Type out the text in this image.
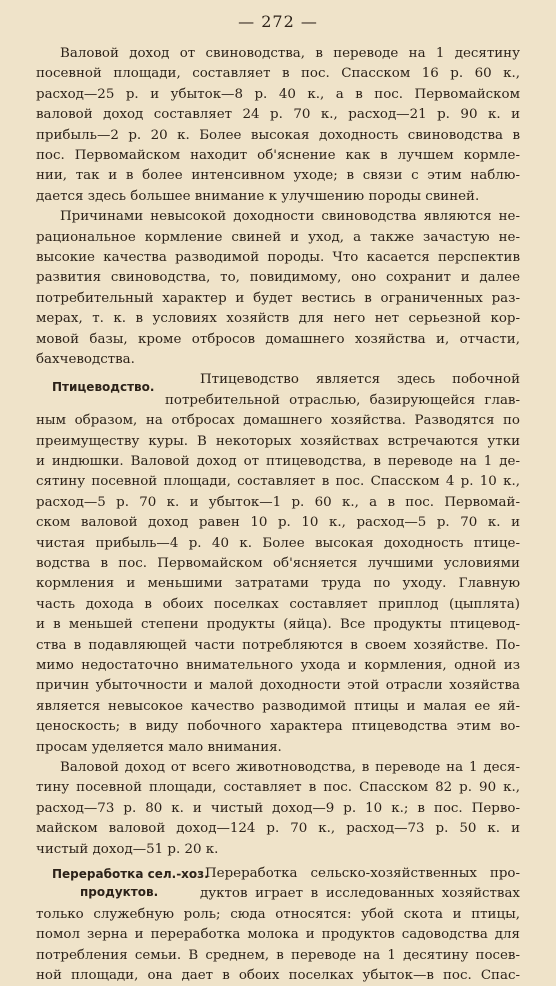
— 272 —
Валовой доход от свиноводства, в переводе на 1 десятину
посевной площади, составляет в пос. Спасском 16 р. 60 к.,
расход—25 р. и убыток—8 р. 40 к., а в пос. Первомайском
валовой доход составляет 24 р. 70 к., расход—21 р. 90 к. и
прибыль—2 р. 20 к. Более высокая доходность свиноводства в
пос. Первомайском находит об'яснение как в лучшем кормле-
нии, так и в более интенсивном уходе; в связи с этим наблю-
дается здесь большее внимание к улучшению породы свиней.
Причинами невысокой доходности свиноводства являются не-
рациональное кормление свиней и уход, а также зачастую не-
высокие качества разводимой породы. Что касается перспектив
развития свиноводства, то, повидимому, оно сохранит и далее
потребительный характер и будет вестись в ограниченных раз-
мерах, т. к. в условиях хозяйств для него нет серьезной кор-
мовой базы, кроме отбросов домашнего хозяйства и, отчасти,
бахчеводства.
Птицеводство.	Птицеводство является здесь побочной
потребительной отраслью, базирующейся глав-
ным образом, на отбросах домашнего хозяйства. Разводятся по
преимуществу куры. В некоторых хозяйствах встречаются утки
и индюшки. Валовой доход от птицеводства, в переводе на 1 де-
сятину посевной площади, составляет в пос. Спасском 4 р. 10 к.,
расход—5 р. 70 к. и убыток—1 р. 60 к., а в пос. Первомай-
ском валовой доход равен 10 р. 10 к., расход—5 р. 70 к. и
чистая прибыль—4 р. 40 к. Более высокая доходность птице-
водства в пос. Первомайском об'ясняется лучшими условиями
кормления и меньшими затратами труда по уходу. Главную
часть дохода в обоих поселках составляет приплод (цыплята)
и в меньшей степени продукты (яйца). Все продукты птицевод-
ства в подавляющей части потребляются в своем хозяйстве. По-
мимо недостаточно внимательного ухода и кормления, одной из
причин убыточности и малой доходности этой отрасли хозяйства
является невысокое качество разводимой птицы и малая ее яй-
ценоскость; в виду побочного характера птицеводства этим во-
просам уделяется мало внимания.
Валовой доход от всего животноводства, в переводе на 1 деся-
тину посевной площади, составляет в пос. Спасском 82 р. 90 к.,
расход—73 р. 80 к. и чистый доход—9 р. 10 к.; в пос. Перво-
майском валовой доход—124 р. 70 к., расход—73 р. 50 к. и
чистый доход—51 р. 20 к.
Переработка сел.-хоз.
Переработка сельско-хозяйственных про-
продуктов.	дуктов играет в исследованных хозяйствах
только служебную роль; сюда относятся: убой скота и птицы,
помол зерна и переработка молока и продуктов садоводства для
потребления семьи. В среднем, в переводе на 1 десятину посев-
ной площади, она дает в обоих поселках убыток—в пос. Спас-
